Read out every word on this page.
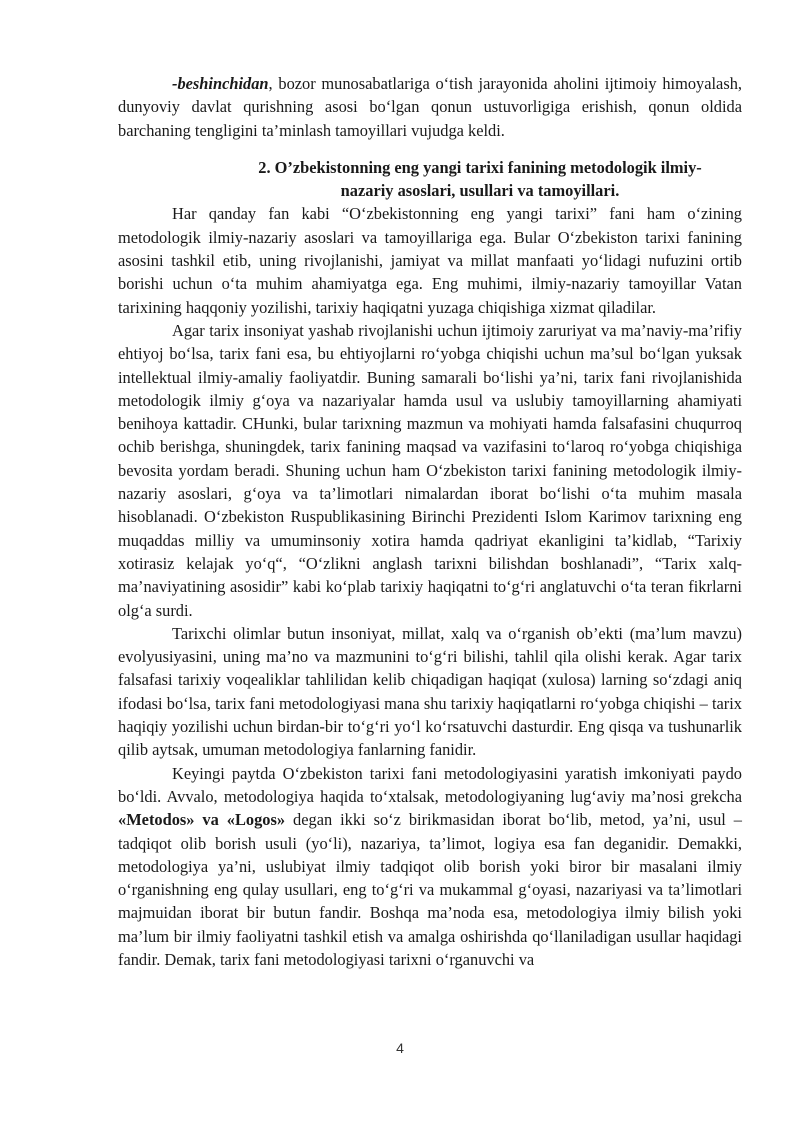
-beshinchidan, bozor munosabatlariga o‘tish jarayonida aholini ijtimoiy himoyalash, dunyoviy davlat qurishning asosi bo‘lgan qonun ustuvorligiga erishish, qonun oldida barchaning tengligini ta’minlash tamoyillari vujudga keldi.

2. O’zbekistonning eng yangi tarixi fanining metodologik ilmiy-
nazariy asoslari, usullari va tamoyillari.

Har qanday fan kabi “O‘zbekistonning eng yangi tarixi” fani ham o‘zining metodologik ilmiy-nazariy asoslari va tamoyillariga ega. Bular O‘zbekiston tarixi fanining asosini tashkil etib, uning rivojlanishi, jamiyat va millat manfaati yo‘lidagi nufuzini ortib borishi uchun o‘ta muhim ahamiyatga ega. Eng muhimi, ilmiy-nazariy tamoyillar Vatan tarixining haqqoniy yozilishi, tarixiy haqiqatni yuzaga chiqishiga xizmat qiladilar.

Agar tarix insoniyat yashab rivojlanishi uchun ijtimoiy zaruriyat va ma’naviy-ma’rifiy ehtiyoj bo‘lsa, tarix fani esa, bu ehtiyojlarni ro‘yobga chiqishi uchun ma’sul bo‘lgan yuksak intellektual ilmiy-amaliy faoliyatdir. Buning samarali bo‘lishi ya’ni, tarix fani rivojlanishida metodologik ilmiy g‘oya va nazariyalar hamda usul va uslubiy tamoyillarning ahamiyati benihoya kattadir. CHunki, bular tarixning mazmun va mohiyati hamda falsafasini chuqurroq ochib berishga, shuningdek, tarix fanining maqsad va vazifasini to‘laroq ro‘yobga chiqishiga bevosita yordam beradi. Shuning uchun ham O‘zbekiston tarixi fanining metodologik ilmiy-nazariy asoslari, g‘oya va ta’limotlari nimalardan iborat bo‘lishi o‘ta muhim masala hisoblanadi. O‘zbekiston Ruspublikasining Birinchi Prezidenti Islom Karimov tarixning eng muqaddas milliy va umuminsoniy xotira hamda qadriyat ekanligini ta’kidlab, “Tarixiy xotirasiz kelajak yo‘q“, “O‘zlikni anglash tarixni bilishdan boshlanadi”, “Tarix xalq-ma’naviyatining asosidir” kabi ko‘plab tarixiy haqiqatni to‘g‘ri anglatuvchi o‘ta teran fikrlarni olg‘a surdi.

Tarixchi olimlar butun insoniyat, millat, xalq va o‘rganish ob’ekti (ma’lum mavzu) evolyusiyasini, uning ma’no va mazmunini to‘g‘ri bilishi, tahlil qila olishi kerak. Agar tarix falsafasi tarixiy voqealiklar tahlilidan kelib chiqadigan haqiqat (xulosa) larning so‘zdagi aniq ifodasi bo‘lsa, tarix fani metodologiyasi mana shu tarixiy haqiqatlarni ro‘yobga chiqishi – tarix haqiqiy yozilishi uchun birdan-bir to‘g‘ri yo‘l ko‘rsatuvchi dasturdir. Eng qisqa va tushunarlik qilib aytsak, umuman metodologiya fanlarning fanidir.

Keyingi paytda O‘zbekiston tarixi fani metodologiyasini yaratish imkoniyati paydo bo‘ldi. Avvalo, metodologiya haqida to‘xtalsak, metodologiyaning lug‘aviy ma’nosi grekcha «Metodos» va «Logos» degan ikki so‘z birikmasidan iborat bo‘lib, metod, ya’ni, usul – tadqiqot olib borish usuli (yo‘li), nazariya, ta’limot, logiya esa fan deganidir. Demakki, metodologiya ya’ni, uslubiyat ilmiy tadqiqot olib borish yoki biror bir masalani ilmiy o‘rganishning eng qulay usullari, eng to‘g‘ri va mukammal g‘oyasi, nazariyasi va ta’limotlari majmuidan iborat bir butun fandir. Boshqa ma’noda esa, metodologiya ilmiy bilish yoki ma’lum bir ilmiy faoliyatni tashkil etish va amalga oshirishda qo‘llaniladigan usullar haqidagi fandir. Demak, tarix fani metodologiyasi tarixni o‘rganuvchi va

4
